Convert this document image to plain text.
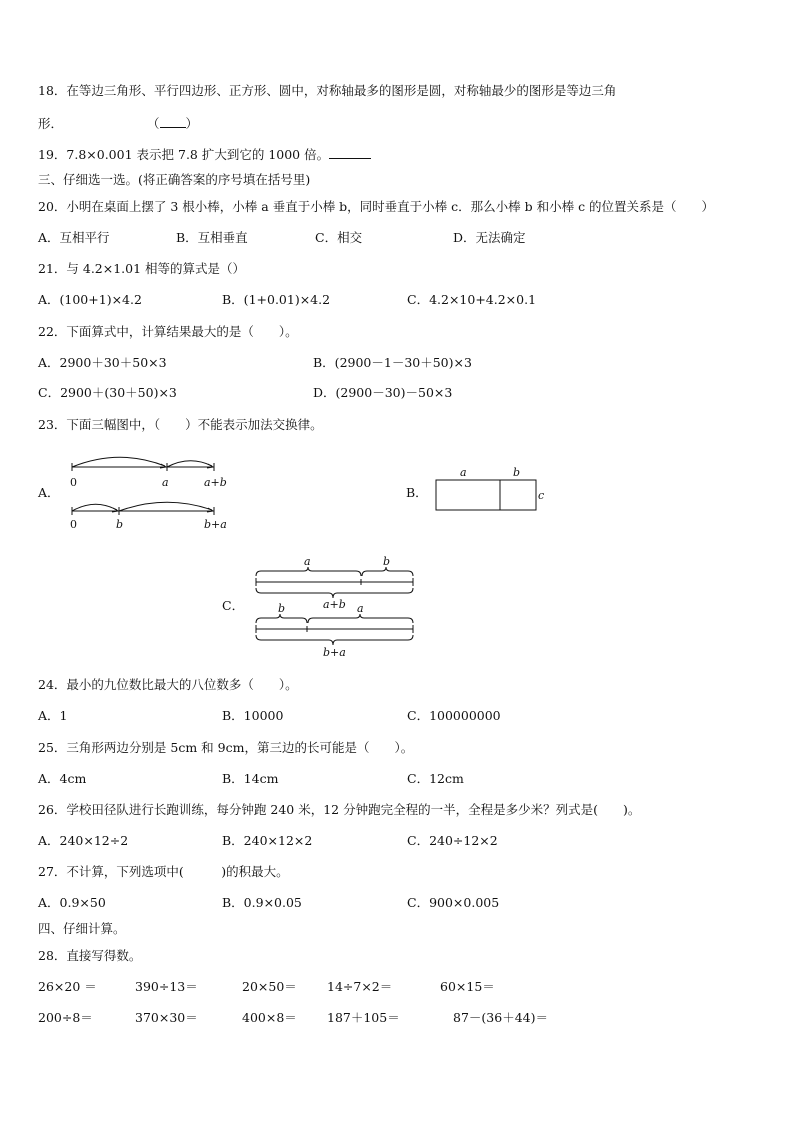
18．在等边三角形、平行四边形、正方形、圆中，对称轴最多的图形是圆，对称轴最少的图形是等边三角
形．	（ ）
19．7.8×0.001 表示把 7.8 扩大到它的 1000 倍。
三、仔细选一选。(将正确答案的序号填在括号里)
20．小明在桌面上摆了 3 根小棒，小棒 a 垂直于小棒 b，同时垂直于小棒 c．那么小棒 b 和小棒 c 的位置关系是（　　）
A．互相平行	B．互相垂直	C．相交	D．无法确定
21．与 4.2×1.01 相等的算式是（）
A．(100+1)×4.2	B．(1+0.01)×4.2	C．4.2×10+4.2×0.1
22．下面算式中，计算结果最大的是（　　）。
A．2900＋30＋50×3	B．(2900－1－30＋50)×3
C．2900＋(30＋50)×3	D．(2900－30)－50×3
23．下面三幅图中，（　　）不能表示加法交换律。
A．
0	a	a+b
0	b	b+a
B．
a	b
c
C．
a	b
a+b
b	a
b+a
24．最小的九位数比最大的八位数多（　　）。
A．1	B．10000	C．100000000
25．三角形两边分别是 5cm 和 9cm，第三边的长可能是（　　）。
A．4cm	B．14cm	C．12cm
26．学校田径队进行长跑训练，每分钟跑 240 米，12 分钟跑完全程的一半，全程是多少米？列式是(　　)。
A．240×12÷2	B．240×12×2	C．240÷12×2
27．不计算，下列选项中(　　　)的积最大。
A．0.9×50	B．0.9×0.05	C．900×0.005
四、仔细计算。
28．直接写得数。
26×20 ＝	390÷13＝	20×50＝ 14÷7×2＝	60×15＝
200÷8＝	370×30＝	400×8＝ 187＋105＝	87－(36＋44)＝
